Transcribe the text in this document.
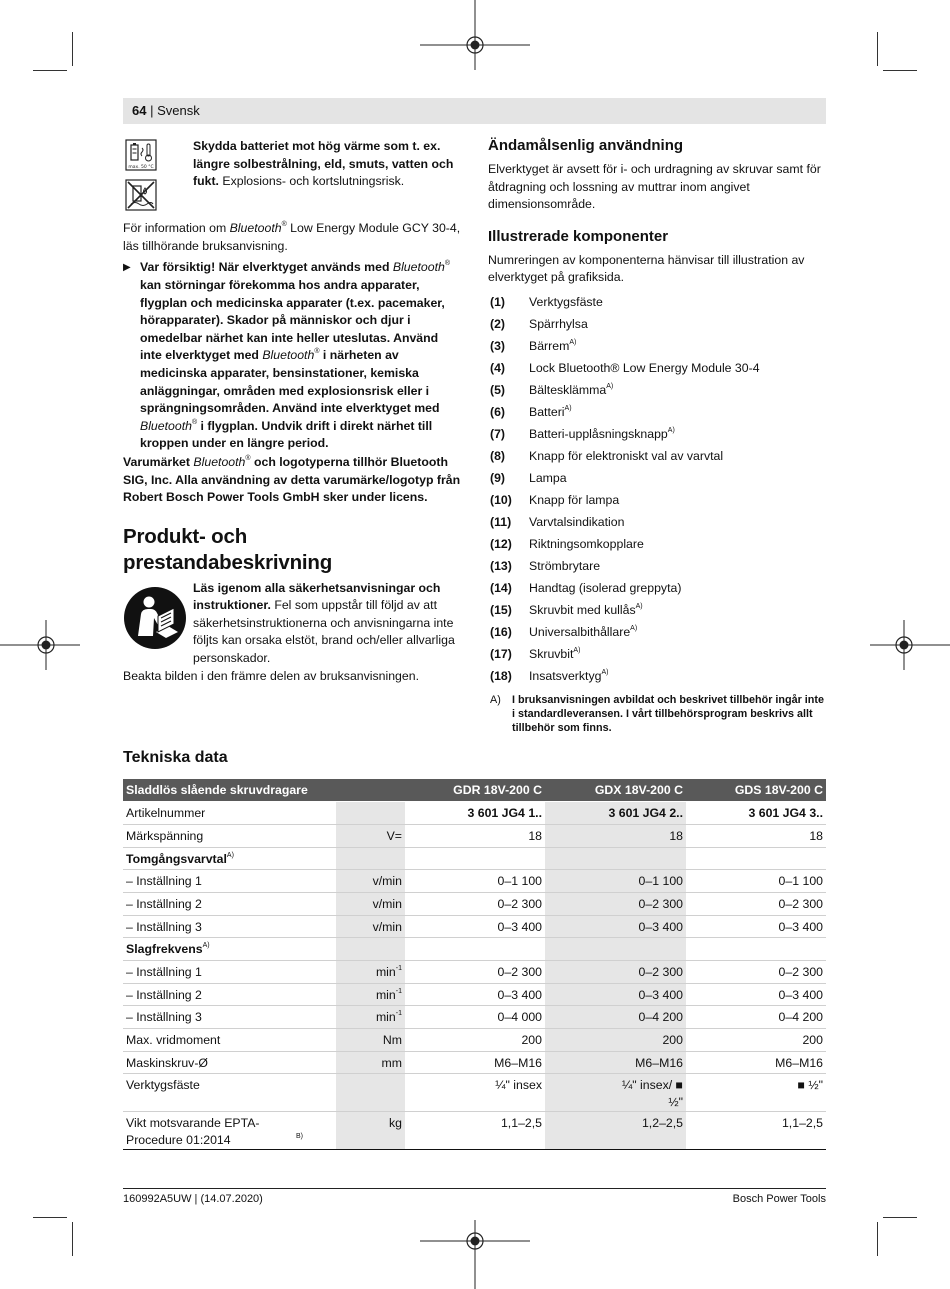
64 | Svensk
max. 50 °C

Skydda batteriet mot hög värme som t. ex. längre solbestrålning, eld, smuts, vatten och fukt. Explosions- och kortslutningsrisk.

För information om Bluetooth® Low Energy Module GCY 30-4, läs tillhörande bruksanvisning.

▶ Var försiktig! När elverktyget används med Bluetooth® kan störningar förekomma hos andra apparater, flygplan och medicinska apparater (t.ex. pacemaker, hörapparater). Skador på människor och djur i omedelbar närhet kan inte heller uteslutas. Använd inte elverktyget med Bluetooth® i närheten av medicinska apparater, bensinstationer, kemiska anläggningar, områden med explosionsrisk eller i sprängningsområden. Använd inte elverktyget med Bluetooth® i flygplan. Undvik drift i direkt närhet till kroppen under en längre period.

Varumärket Bluetooth® och logotyperna tillhör Bluetooth SIG, Inc. Alla användning av detta varumärke/logotyp från Robert Bosch Power Tools GmbH sker under licens.

Produkt- och prestandabeskrivning

Läs igenom alla säkerhetsanvisningar och instruktioner. Fel som uppstår till följd av att säkerhetsinstruktionerna och anvisningarna inte följts kan orsaka elstöt, brand och/eller allvarliga personskador.

Beakta bilden i den främre delen av bruksanvisningen.

Ändamålsenlig användning

Elverktyget är avsett för i- och urdragning av skruvar samt för åtdragning och lossning av muttrar inom angivet dimensionsområde.

Illustrerade komponenter

Numreringen av komponenterna hänvisar till illustration av elverktyget på grafiksida.

(1)	Verktygsfäste
(2)	Spärrhylsa
(3)	Bärrem$^{A)}$
(4)	Lock Bluetooth® Low Energy Module 30-4
(5)	Bältesklämma$^{A)}$
(6)	Batteri$^{A)}$
(7)	Batteri-upplåsningsknapp$^{A)}$
(8)	Knapp för elektroniskt val av varvtal
(9)	Lampa
(10)	Knapp för lampa
(11)	Varvtalsindikation
(12)	Riktningsomkopplare
(13)	Strömbrytare
(14)	Handtag (isolerad greppyta)
(15)	Skruvbit med kullås$^{A)}$
(16)	Universalbithållare$^{A)}$
(17)	Skruvbit$^{A)}$
(18)	Insatsverktyg$^{A)}$
A)	I bruksanvisningen avbildat och beskrivet tillbehör ingår inte i standardleveransen. I vårt tillbehörsprogram beskrivs allt tillbehör som finns.
Tekniska data
Sladdlös slående skruvdragare		GDR 18V-200 C	GDX 18V-200 C	GDS 18V-200 C
Artikelnummer		3 601 JG4 1..	3 601 JG4 2..	3 601 JG4 3..
Märkspänning	V=	18	18	18
Tomgångsvarvtal$^{A)}$				
– Inställning 1	v/min	0–1 100	0–1 100	0–1 100
– Inställning 2	v/min	0–2 300	0–2 300	0–2 300
– Inställning 3	v/min	0–3 400	0–3 400	0–3 400
Slagfrekvens$^{A)}$				
– Inställning 1	$\min^{-1}$	0–2 300	0–2 300	0–2 300
– Inställning 2	$\min^{-1}$	0–3 400	0–3 400	0–3 400
– Inställning 3	$\min^{-1}$	0–4 000	0–4 200	0–4 200
Max. vridmoment	Nm	200	200	200
Maskinskruv-Ø	mm	M6–M16	M6–M16	M6–M16
Verktygsfäste		¼" insex	¼" insex/ ■ ½"	■ ½"
Vikt motsvarande EPTA-Procedure 01:2014 $^{B)}$	kg	1,1–2,5	1,2–2,5	1,1–2,5
160992A5UW | (14.07.2020)	Bosch Power Tools
